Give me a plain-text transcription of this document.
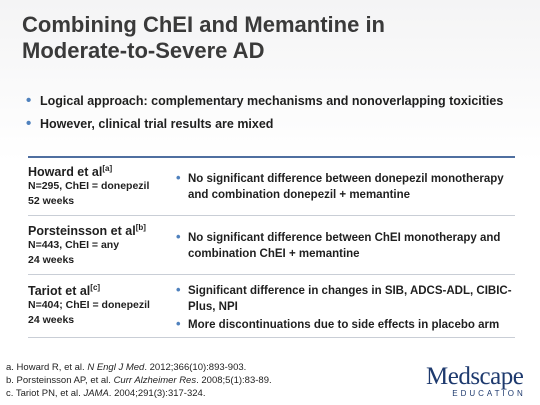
Combining ChEI and Memantine in
Moderate-to-Severe AD
• Logical approach: complementary mechanisms and nonoverlapping toxicities
• However, clinical trial results are mixed
Howard et al[a]
N=295, ChEI = donepezil
52 weeks
• No significant difference between donepezil monotherapy and combination donepezil + memantine
Porsteinsson et al[b]
N=443, ChEI = any
24 weeks
• No significant difference between ChEI monotherapy and combination ChEI + memantine
Tariot et al[c]
N=404; ChEI = donepezil
24 weeks
• Significant difference in changes in SIB, ADCS-ADL, CIBIC-Plus, NPI
• More discontinuations due to side effects in placebo arm
a. Howard R, et al. N Engl J Med. 2012;366(10):893-903.
b. Porsteinsson AP, et al. Curr Alzheimer Res. 2008;5(1):83-89.
c. Tariot PN, et al. JAMA. 2004;291(3):317-324.
Medscape
EDUCATION
